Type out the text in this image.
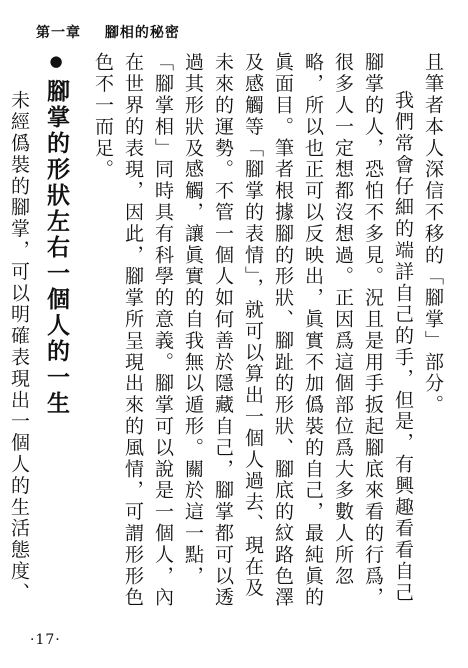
第一章 腳相的秘密

且筆者本人深信不移的「腳掌」部分。

我們常會仔細的端詳自己的手，但是，有興趣看看自己腳掌的人，恐怕不多見。況且是用手扳起腳底來看的行爲，很多人一定想都沒想過。正因爲這個部位爲大多數人所忽略，所以也正可以反映出，眞實不加僞裝的自己，最純眞的眞面目。筆者根據腳的形狀、腳趾的形狀、腳底的紋路色澤及感觸等「腳掌的表情」，就可以算出一個人過去、現在及未來的運勢。不管一個人如何善於隱藏自己，腳掌都可以透過其形狀及感觸，讓眞實的自我無以遁形。關於這一點，「腳掌相」同時具有科學的意義。腳掌可以說是一個人，內在世界的表現，因此，腳掌所呈現出來的風情，可謂形形色色不一而足。

●腳掌的形狀左右一個人的一生

未經僞裝的腳掌，可以明確表現出一個人的生活態度、

·17·
